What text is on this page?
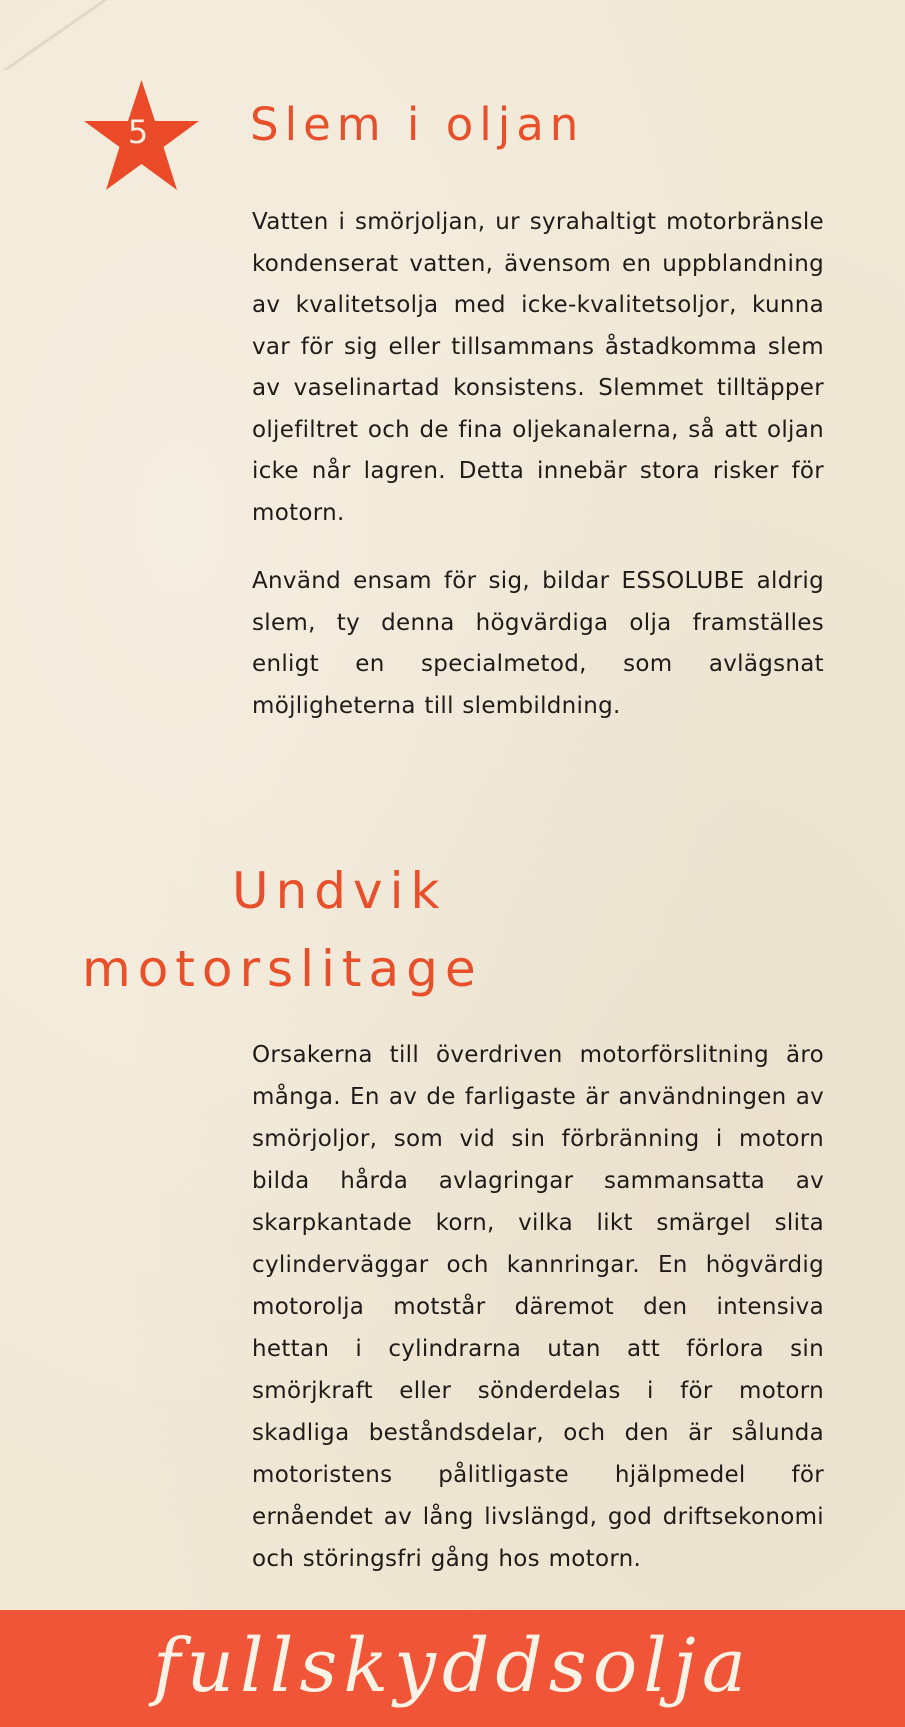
5 Slem i oljan

Vatten i smörjoljan, ur syrahaltigt motorbränsle kondenserat vatten, ävensom en uppblandning av kvalitetsolja med icke-kvalitetsoljor, kunna var för sig eller tillsammans åstadkomma slem av vaselinartad konsistens. Slemmet tilltäpper oljefiltret och de fina oljekanalerna, så att oljan icke når lagren. Detta innebär stora risker för motorn.

Använd ensam för sig, bildar ESSOLUBE aldrig slem, ty denna högvärdiga olja framställes enligt en specialmetod, som avlägsnat möjligheterna till slembildning.

Undvik
motorslitage

Orsakerna till överdriven motorförslitning äro många. En av de farligaste är användningen av smörjoljor, som vid sin förbränning i motorn bilda hårda avlagringar sammansatta av skarpkantade korn, vilka likt smärgel slita cylinderväggar och kannringar. En högvärdig motorolja motstår däremot den intensiva hettan i cylindrarna utan att förlora sin smörjkraft eller sönderdelas i för motorn skadliga beståndsdelar, och den är sålunda motoristens pålitligaste hjälpmedel för ernåendet av lång livslängd, god driftsekonomi och störingsfri gång hos motorn.

fullskyddsolja
